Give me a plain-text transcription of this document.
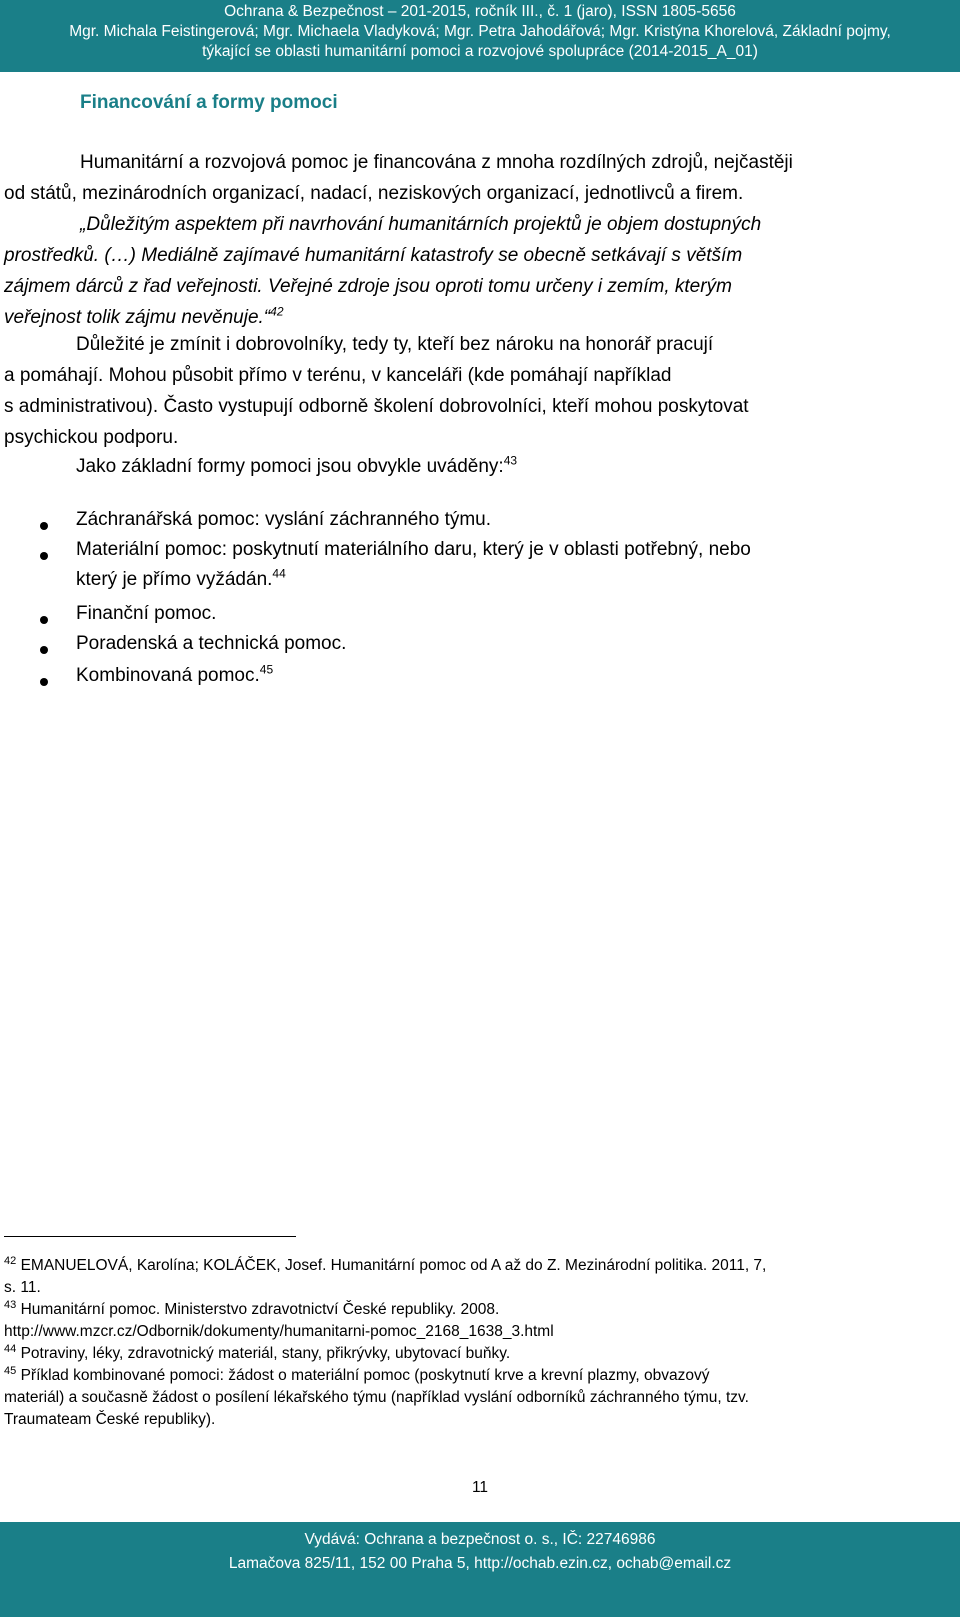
Ochrana & Bezpečnost – 201-2015, ročník III., č. 1 (jaro), ISSN 1805-5656
Mgr. Michala Feistingerová; Mgr. Michaela Vladyková; Mgr. Petra Jahodářová; Mgr. Kristýna Khorelová, Základní pojmy,
týkající se oblasti humanitární pomoci a rozvojové spolupráce (2014-2015_A_01)
Financování a formy pomoci
Humanitární a rozvojová pomoc je financována z mnoha rozdílných zdrojů, nejčastěji
od států, mezinárodních organizací, nadací, neziskových organizací, jednotlivců a firem.
„Důležitým aspektem při navrhování humanitárních projektů je objem dostupných
prostředků. (…) Mediálně zajímavé humanitární katastrofy se obecně setkávají s větším
zájmem dárců z řad veřejnosti. Veřejné zdroje jsou oproti tomu určeny i zemím, kterým
veřejnost tolik zájmu nevěnuje.“$^{42}$
Důležité je zmínit i dobrovolníky, tedy ty, kteří bez nároku na honorář pracují
a pomáhají. Mohou působit přímo v terénu, v kanceláři (kde pomáhají například
s administrativou). Často vystupují odborně školení dobrovolníci, kteří mohou poskytovat
psychickou podporu.
Jako základní formy pomoci jsou obvykle uváděny:$^{43}$
Záchranářská pomoc: vyslání záchranného týmu.
Materiální pomoc: poskytnutí materiálního daru, který je v oblasti potřebný, nebo
který je přímo vyžádán.$^{44}$
Finanční pomoc.
Poradenská a technická pomoc.
Kombinovaná pomoc.$^{45}$
$^{42}$ EMANUELOVÁ, Karolína; KOLÁČEK, Josef. Humanitární pomoc od A až do Z. Mezinárodní politika. 2011, 7,
s. 11.
$^{43}$ Humanitární pomoc. Ministerstvo zdravotnictví České republiky. 2008.
http://www.mzcr.cz/Odbornik/dokumenty/humanitarni-pomoc_2168_1638_3.html
$^{44}$ Potraviny, léky, zdravotnický materiál, stany, přikrývky, ubytovací buňky.
$^{45}$ Příklad kombinované pomoci: žádost o materiální pomoc (poskytnutí krve a krevní plazmy, obvazový
materiál) a současně žádost o posílení lékařského týmu (například vyslání odborníků záchranného týmu, tzv.
Traumateam České republiky).
11
Vydává: Ochrana a bezpečnost o. s., IČ: 22746986
Lamačova 825/11, 152 00 Praha 5, http://ochab.ezin.cz, ochab@email.cz
